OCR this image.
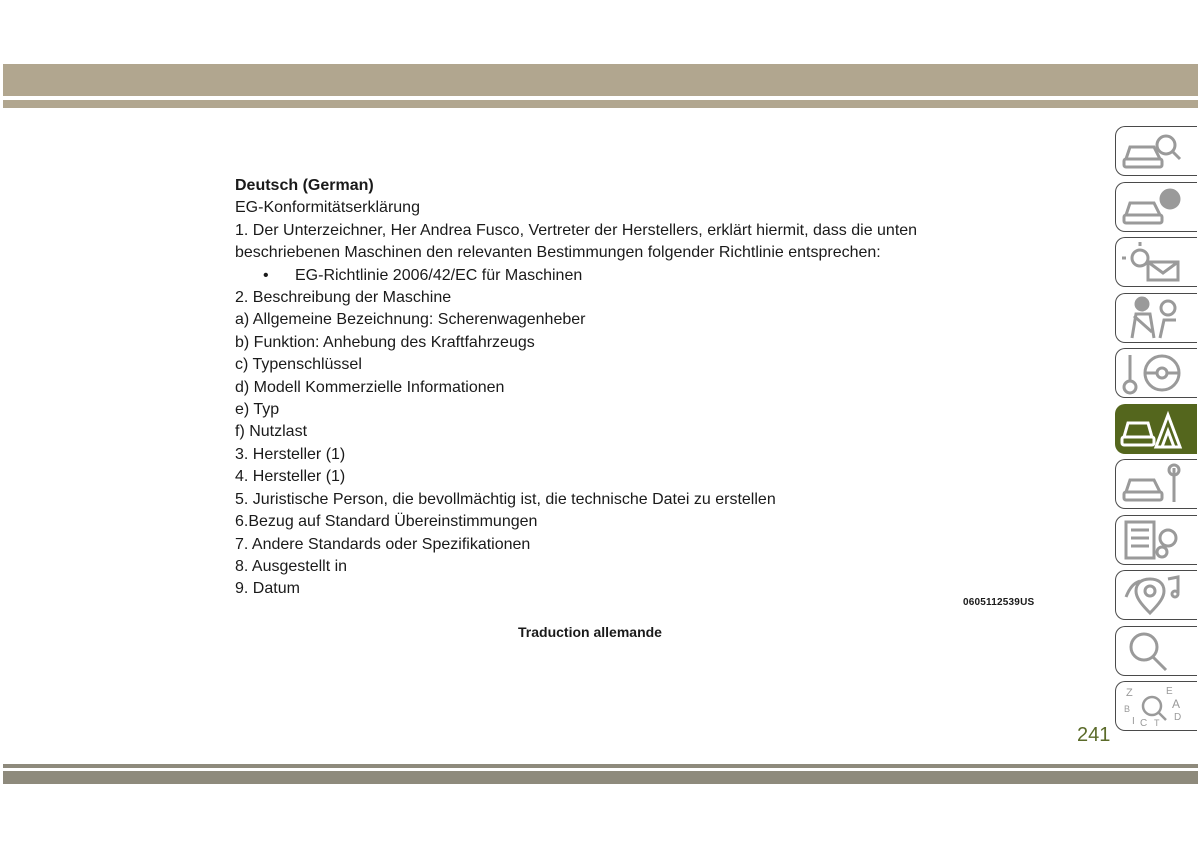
Deutsch (German)
EG-Konformitätserklärung
1. Der Unterzeichner, Her Andrea Fusco, Vertreter der Herstellers, erklärt hiermit, dass die unten
beschriebenen Maschinen den relevanten Bestimmungen folgender Richtlinie entsprechen:
• EG-Richtlinie 2006/42/EC für Maschinen
2. Beschreibung der Maschine
a) Allgemeine Bezeichnung: Scherenwagenheber
b) Funktion: Anhebung des Kraftfahrzeugs
c) Typenschlüssel
d) Modell Kommerzielle Informationen
e) Typ
f) Nutzlast
3. Hersteller (1)
4. Hersteller (1)
5. Juristische Person, die bevollmächtig ist, die technische Datei zu erstellen
6.Bezug auf Standard Übereinstimmungen
7. Andere Standards oder Spezifikationen
8. Ausgestellt in
9. Datum
0605112539US
Traduction allemande
241
Z	E
A
B
D
I C T
